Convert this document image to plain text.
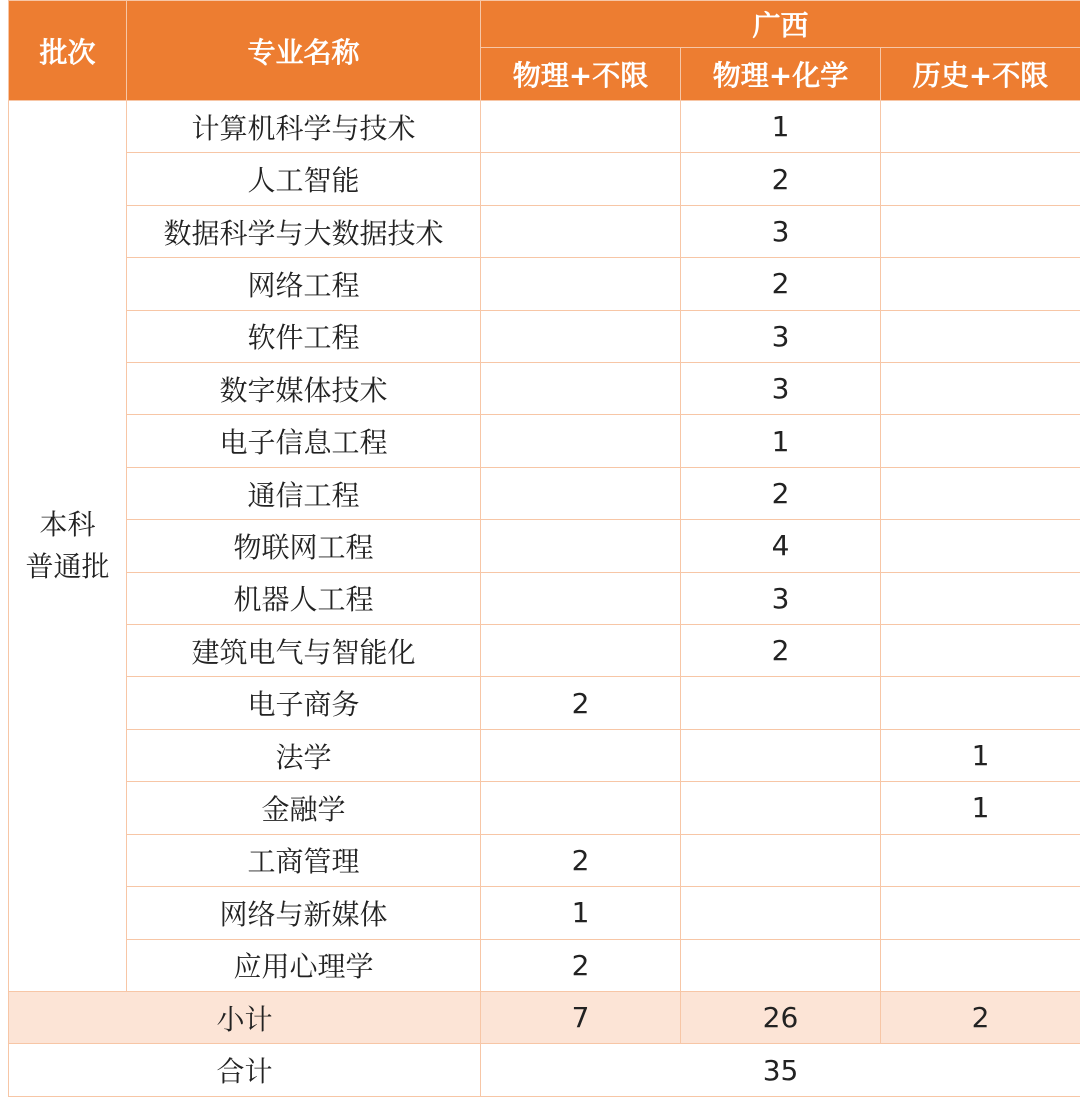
批次	专业名称	广西		
		物理+不限	物理+化学	历史+不限
本科
普通批	计算机科学与技术		1	
	人工智能		2	
	数据科学与大数据技术		3	
	网络工程		2	
	软件工程		3	
	数字媒体技术		3	
	电子信息工程		1	
	通信工程		2	
	物联网工程		4	
	机器人工程		3	
	建筑电气与智能化		2	
	电子商务	2		
	法学			1
	金融学			1
	工商管理	2		
	网络与新媒体	1		
	应用心理学	2		
小计		7	26	2
合计		35		
